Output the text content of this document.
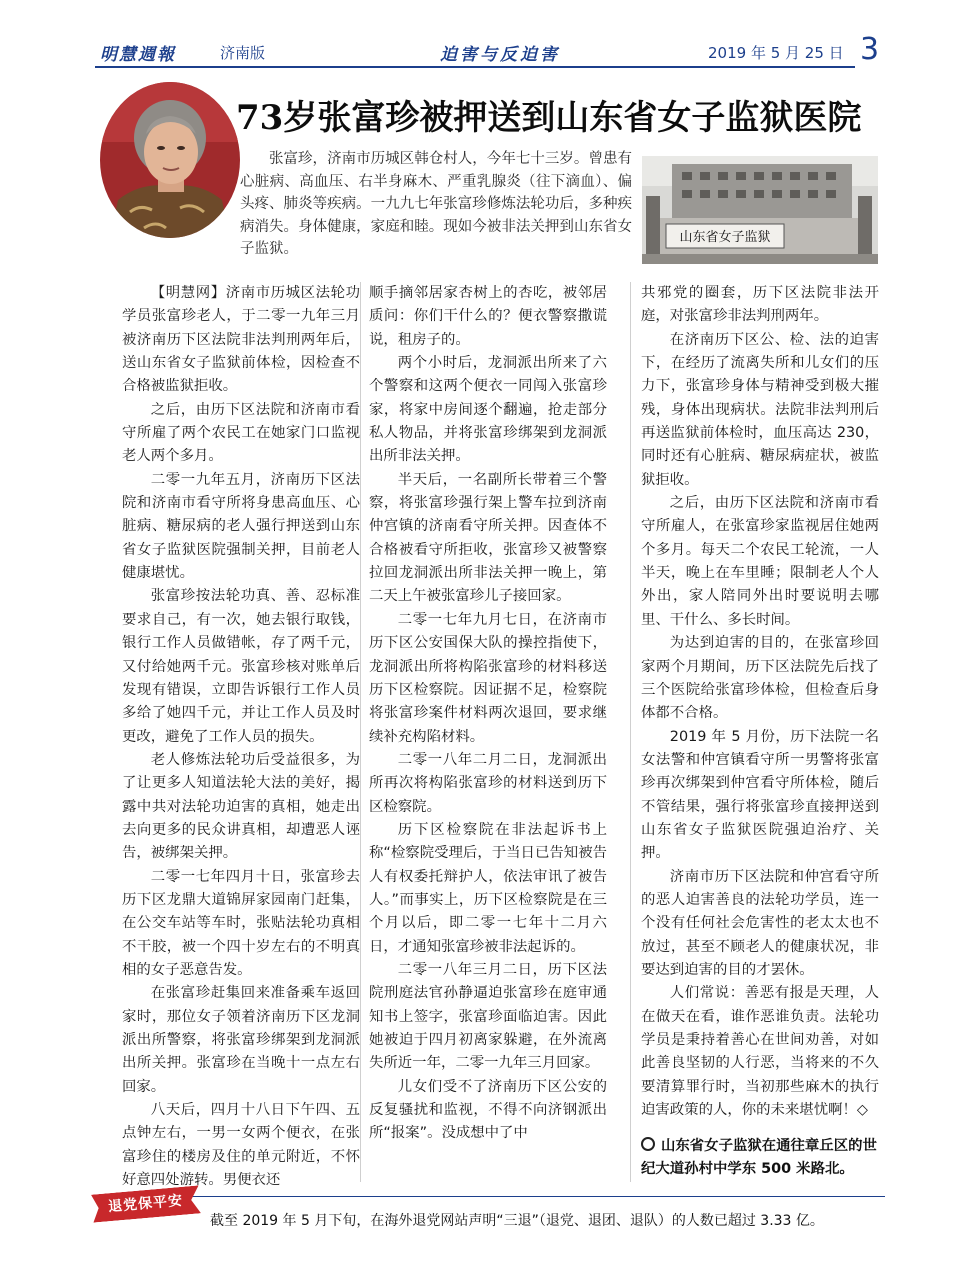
明慧週報	济南版	迫害与反迫害	2019 年 5 月 25 日 3
73岁张富珍被押送到山东省女子监狱医院
张富珍，济南市历城区韩仓村人，今年七十三岁。曾患有心脏病、高血压、右半身麻木、严重乳腺炎（往下滴血）、偏头疼、肺炎等疾病。一九九七年张富珍修炼法轮功后，多种疾病消失。身体健康，家庭和睦。现如今被非法关押到山东省女子监狱。
山东省女子监狱

【明慧网】济南市历城区法轮功学员张富珍老人，于二零一九年三月被济南历下区法院非法判刑两年后，送山东省女子监狱前体检，因检查不合格被监狱拒收。

之后，由历下区法院和济南市看守所雇了两个农民工在她家门口监视老人两个多月。

二零一九年五月，济南历下区法院和济南市看守所将身患高血压、心脏病、糖尿病的老人强行押送到山东省女子监狱医院强制关押，目前老人健康堪忧。

张富珍按法轮功真、善、忍标准要求自己，有一次，她去银行取钱，银行工作人员做错帐，存了两千元，又付给她两千元。张富珍核对账单后发现有错误，立即告诉银行工作人员多给了她四千元，并让工作人员及时更改，避免了工作人员的损失。

老人修炼法轮功后受益很多，为了让更多人知道法轮大法的美好，揭露中共对法轮功迫害的真相，她走出去向更多的民众讲真相，却遭恶人诬告，被绑架关押。

二零一七年四月十日，张富珍去历下区龙鼎大道锦屏家园南门赶集，在公交车站等车时，张贴法轮功真相不干胶，被一个四十岁左右的不明真相的女子恶意告发。

在张富珍赶集回来准备乘车返回家时，那位女子领着济南历下区龙洞派出所警察，将张富珍绑架到龙洞派出所关押。张富珍在当晚十一点左右回家。

八天后，四月十八日下午四、五点钟左右，一男一女两个便衣，在张富珍住的楼房及住的单元附近，不怀好意四处游转。男便衣还

顺手摘邻居家杏树上的杏吃，被邻居质问：你们干什么的？便衣警察撒谎说，租房子的。

两个小时后，龙洞派出所来了六个警察和这两个便衣一同闯入张富珍家，将家中房间逐个翻遍，抢走部分私人物品，并将张富珍绑架到龙洞派出所非法关押。

半天后，一名副所长带着三个警察，将张富珍强行架上警车拉到济南仲宫镇的济南看守所关押。因查体不合格被看守所拒收，张富珍又被警察拉回龙洞派出所非法关押一晚上，第二天上午被张富珍儿子接回家。

二零一七年九月七日，在济南市历下区公安国保大队的操控指使下，龙洞派出所将构陷张富珍的材料移送历下区检察院。因证据不足，检察院将张富珍案件材料两次退回，要求继续补充构陷材料。

二零一八年二月二日，龙洞派出所再次将构陷张富珍的材料送到历下区检察院。

历下区检察院在非法起诉书上称“检察院受理后，于当日已告知被告人有权委托辩护人，依法审讯了被告人。”而事实上，历下区检察院是在三个月以后，即二零一七年十二月六日，才通知张富珍被非法起诉的。

二零一八年三月二日，历下区法院刑庭法官孙静逼迫张富珍在庭审通知书上签字，张富珍面临迫害。因此她被迫于四月初离家躲避，在外流离失所近一年，二零一九年三月回家。

儿女们受不了济南历下区公安的反复骚扰和监视，不得不向济钢派出所“报案”。没成想中了中

共邪党的圈套，历下区法院非法开庭，对张富珍非法判刑两年。

在济南历下区公、检、法的迫害下，在经历了流离失所和儿女们的压力下，张富珍身体与精神受到极大摧残，身体出现病状。法院非法判刑后再送监狱前体检时，血压高达 230，同时还有心脏病、糖尿病症状，被监狱拒收。

之后，由历下区法院和济南市看守所雇人，在张富珍家监视居住她两个多月。每天二个农民工轮流，一人半天，晚上在车里睡；限制老人个人外出，家人陪同外出时要说明去哪里、干什么、多长时间。

为达到迫害的目的，在张富珍回家两个月期间，历下区法院先后找了三个医院给张富珍体检，但检查后身体都不合格。

2019 年 5 月份，历下法院一名女法警和仲宫镇看守所一男警将张富珍再次绑架到仲宫看守所体检，随后不管结果，强行将张富珍直接押送到山东省女子监狱医院强迫治疗、关押。

济南市历下区法院和仲宫看守所的恶人迫害善良的法轮功学员，连一个没有任何社会危害性的老太太也不放过，甚至不顾老人的健康状况，非要达到迫害的目的才罢休。

人们常说：善恶有报是天理，人在做天在看，谁作恶谁负责。法轮功学员是秉持着善心在世间劝善，对如此善良坚韧的人行恶，当将来的不久要清算罪行时，当初那些麻木的执行迫害政策的人，你的未来堪忧啊！◇

山东省女子监狱在通往章丘区的世纪大道孙村中学东 500 米路北。
退党保平安
截至 2019 年 5 月下旬，在海外退党网站声明“三退”（退党、退团、退队）的人数已超过 3.33 亿。
